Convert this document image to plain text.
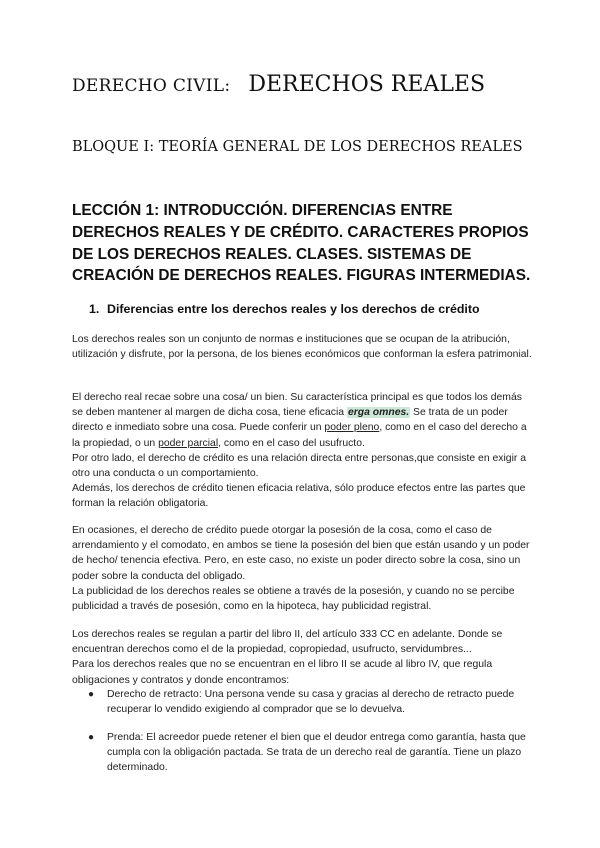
DERECHO CIVIL: DERECHOS REALES
BLOQUE I: TEORÍA GENERAL DE LOS DERECHOS REALES
LECCIÓN 1: INTRODUCCIÓN. DIFERENCIAS ENTRE DERECHOS REALES Y DE CRÉDITO. CARACTERES PROPIOS DE LOS DERECHOS REALES. CLASES. SISTEMAS DE CREACIÓN DE DERECHOS REALES. FIGURAS INTERMEDIAS.
1. Diferencias entre los derechos reales y los derechos de crédito
Los derechos reales son un conjunto de normas e instituciones que se ocupan de la atribución, utilización y disfrute, por la persona, de los bienes económicos que conforman la esfera patrimonial.
El derecho real recae sobre una cosa/ un bien. Su característica principal es que todos los demás se deben mantener al margen de dicha cosa, tiene eficacia erga omnes. Se trata de un poder directo e inmediato sobre una cosa. Puede conferir un poder pleno, como en el caso del derecho a la propiedad, o un poder parcial, como en el caso del usufructo.
Por otro lado, el derecho de crédito es una relación directa entre personas,que consiste en exigir a otro una conducta o un comportamiento.
Además, los derechos de crédito tienen eficacia relativa, sólo produce efectos entre las partes que forman la relación obligatoria.
En ocasiones, el derecho de crédito puede otorgar la posesión de la cosa, como el caso de arrendamiento y el comodato, en ambos se tiene la posesión del bien que están usando y un poder de hecho/ tenencia efectiva. Pero, en este caso, no existe un poder directo sobre la cosa, sino un poder sobre la conducta del obligado.
La publicidad de los derechos reales se obtiene a través de la posesión, y cuando no se percibe publicidad a través de posesión, como en la hipoteca, hay publicidad registral.
Los derechos reales se regulan a partir del libro II, del artículo 333 CC en adelante. Donde se encuentran derechos como el de la propiedad, copropiedad, usufructo, servidumbres...
Para los derechos reales que no se encuentran en el libro II se acude al libro IV, que regula obligaciones y contratos y donde encontramos:
● Derecho de retracto: Una persona vende su casa y gracias al derecho de retracto puede recuperar lo vendido exigiendo al comprador que se lo devuelva.
● Prenda: El acreedor puede retener el bien que el deudor entrega como garantía, hasta que cumpla con la obligación pactada. Se trata de un derecho real de garantía. Tiene un plazo determinado.
